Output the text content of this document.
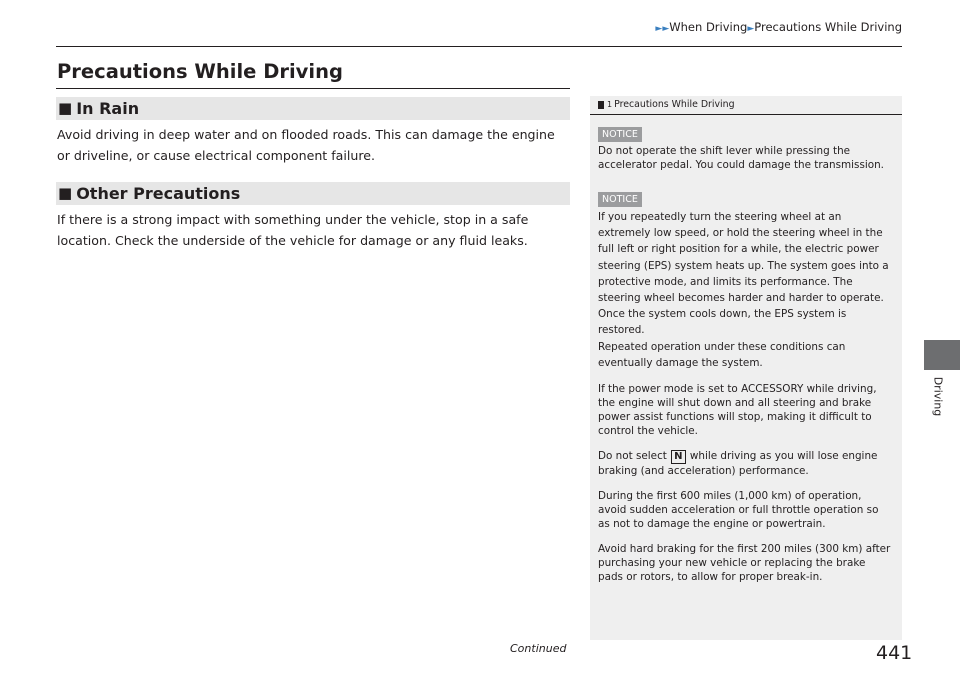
►►When Driving►Precautions While Driving
Precautions While Driving
■ In Rain

Avoid driving in deep water and on flooded roads. This can damage the engine or driveline, or cause electrical component failure.

■ Other Precautions

If there is a strong impact with something under the vehicle, stop in a safe location. Check the underside of the vehicle for damage or any fluid leaks.

1 Precautions While Driving
NOTICE

Do not operate the shift lever while pressing the accelerator pedal. You could damage the transmission.

NOTICE

If you repeatedly turn the steering wheel at an extremely low speed, or hold the steering wheel in the full left or right position for a while, the electric power steering (EPS) system heats up. The system goes into a protective mode, and limits its performance. The steering wheel becomes harder and harder to operate. Once the system cools down, the EPS system is restored.

Repeated operation under these conditions can eventually damage the system.

If the power mode is set to ACCESSORY while driving, the engine will shut down and all steering and brake power assist functions will stop, making it difficult to control the vehicle.

Do not select N while driving as you will lose engine braking (and acceleration) performance.

During the first 600 miles (1,000 km) of operation, avoid sudden acceleration or full throttle operation so as not to damage the engine or powertrain.

Avoid hard braking for the first 200 miles (300 km) after purchasing your new vehicle or replacing the brake pads or rotors, to allow for proper break-in.

Driving
Continued	441
